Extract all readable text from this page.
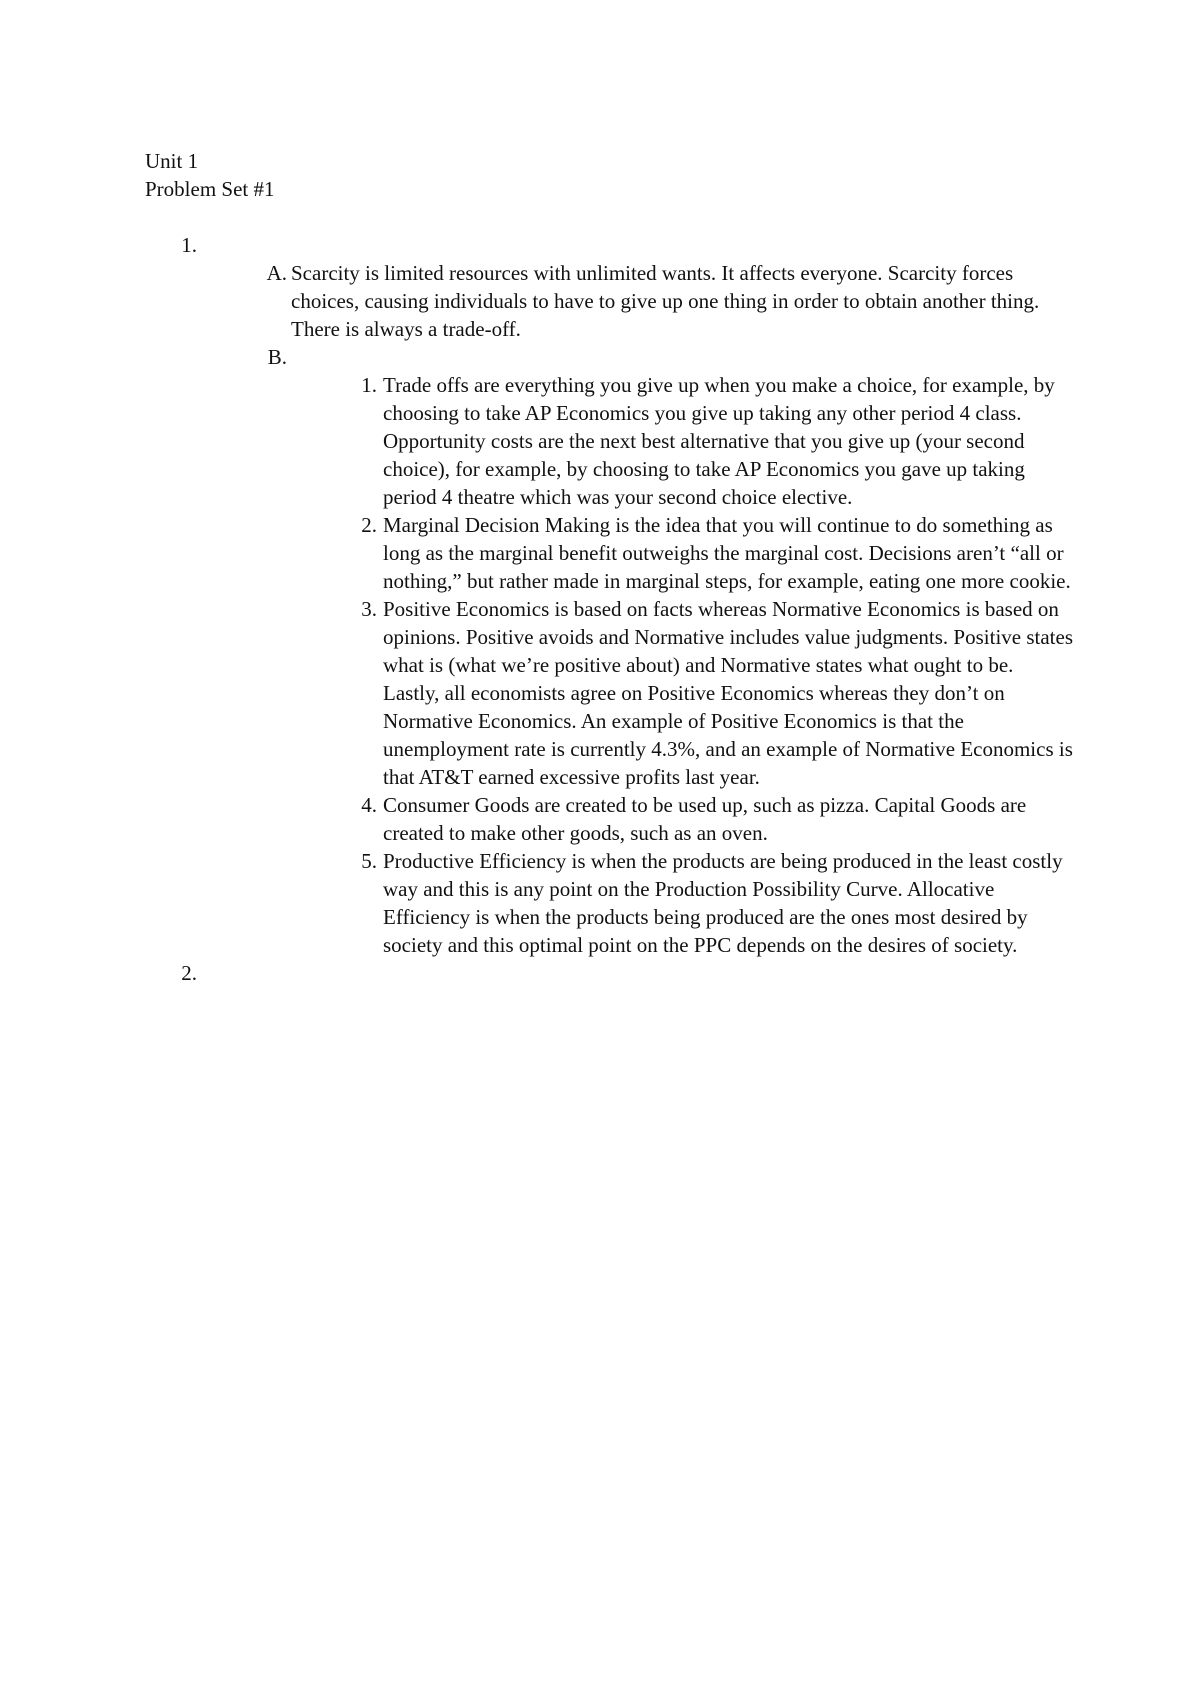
Unit 1
Problem Set #1
1.

A. Scarcity is limited resources with unlimited wants. It affects everyone. Scarcity forces choices, causing individuals to have to give up one thing in order to obtain another thing. There is always a trade-off.
B.

1. Trade offs are everything you give up when you make a choice, for example, by choosing to take AP Economics you give up taking any other period 4 class. Opportunity costs are the next best alternative that you give up (your second choice), for example, by choosing to take AP Economics you gave up taking period 4 theatre which was your second choice elective.
2. Marginal Decision Making is the idea that you will continue to do something as long as the marginal benefit outweighs the marginal cost. Decisions aren’t “all or nothing,” but rather made in marginal steps, for example, eating one more cookie.
3. Positive Economics is based on facts whereas Normative Economics is based on opinions. Positive avoids and Normative includes value judgments. Positive states what is (what we’re positive about) and Normative states what ought to be. Lastly, all economists agree on Positive Economics whereas they don’t on Normative Economics. An example of Positive Economics is that the unemployment rate is currently 4.3%, and an example of Normative Economics is that AT&T earned excessive profits last year.
4. Consumer Goods are created to be used up, such as pizza. Capital Goods are created to make other goods, such as an oven.
5. Productive Efficiency is when the products are being produced in the least costly way and this is any point on the Production Possibility Curve. Allocative Efficiency is when the products being produced are the ones most desired by society and this optimal point on the PPC depends on the desires of society.
2.
